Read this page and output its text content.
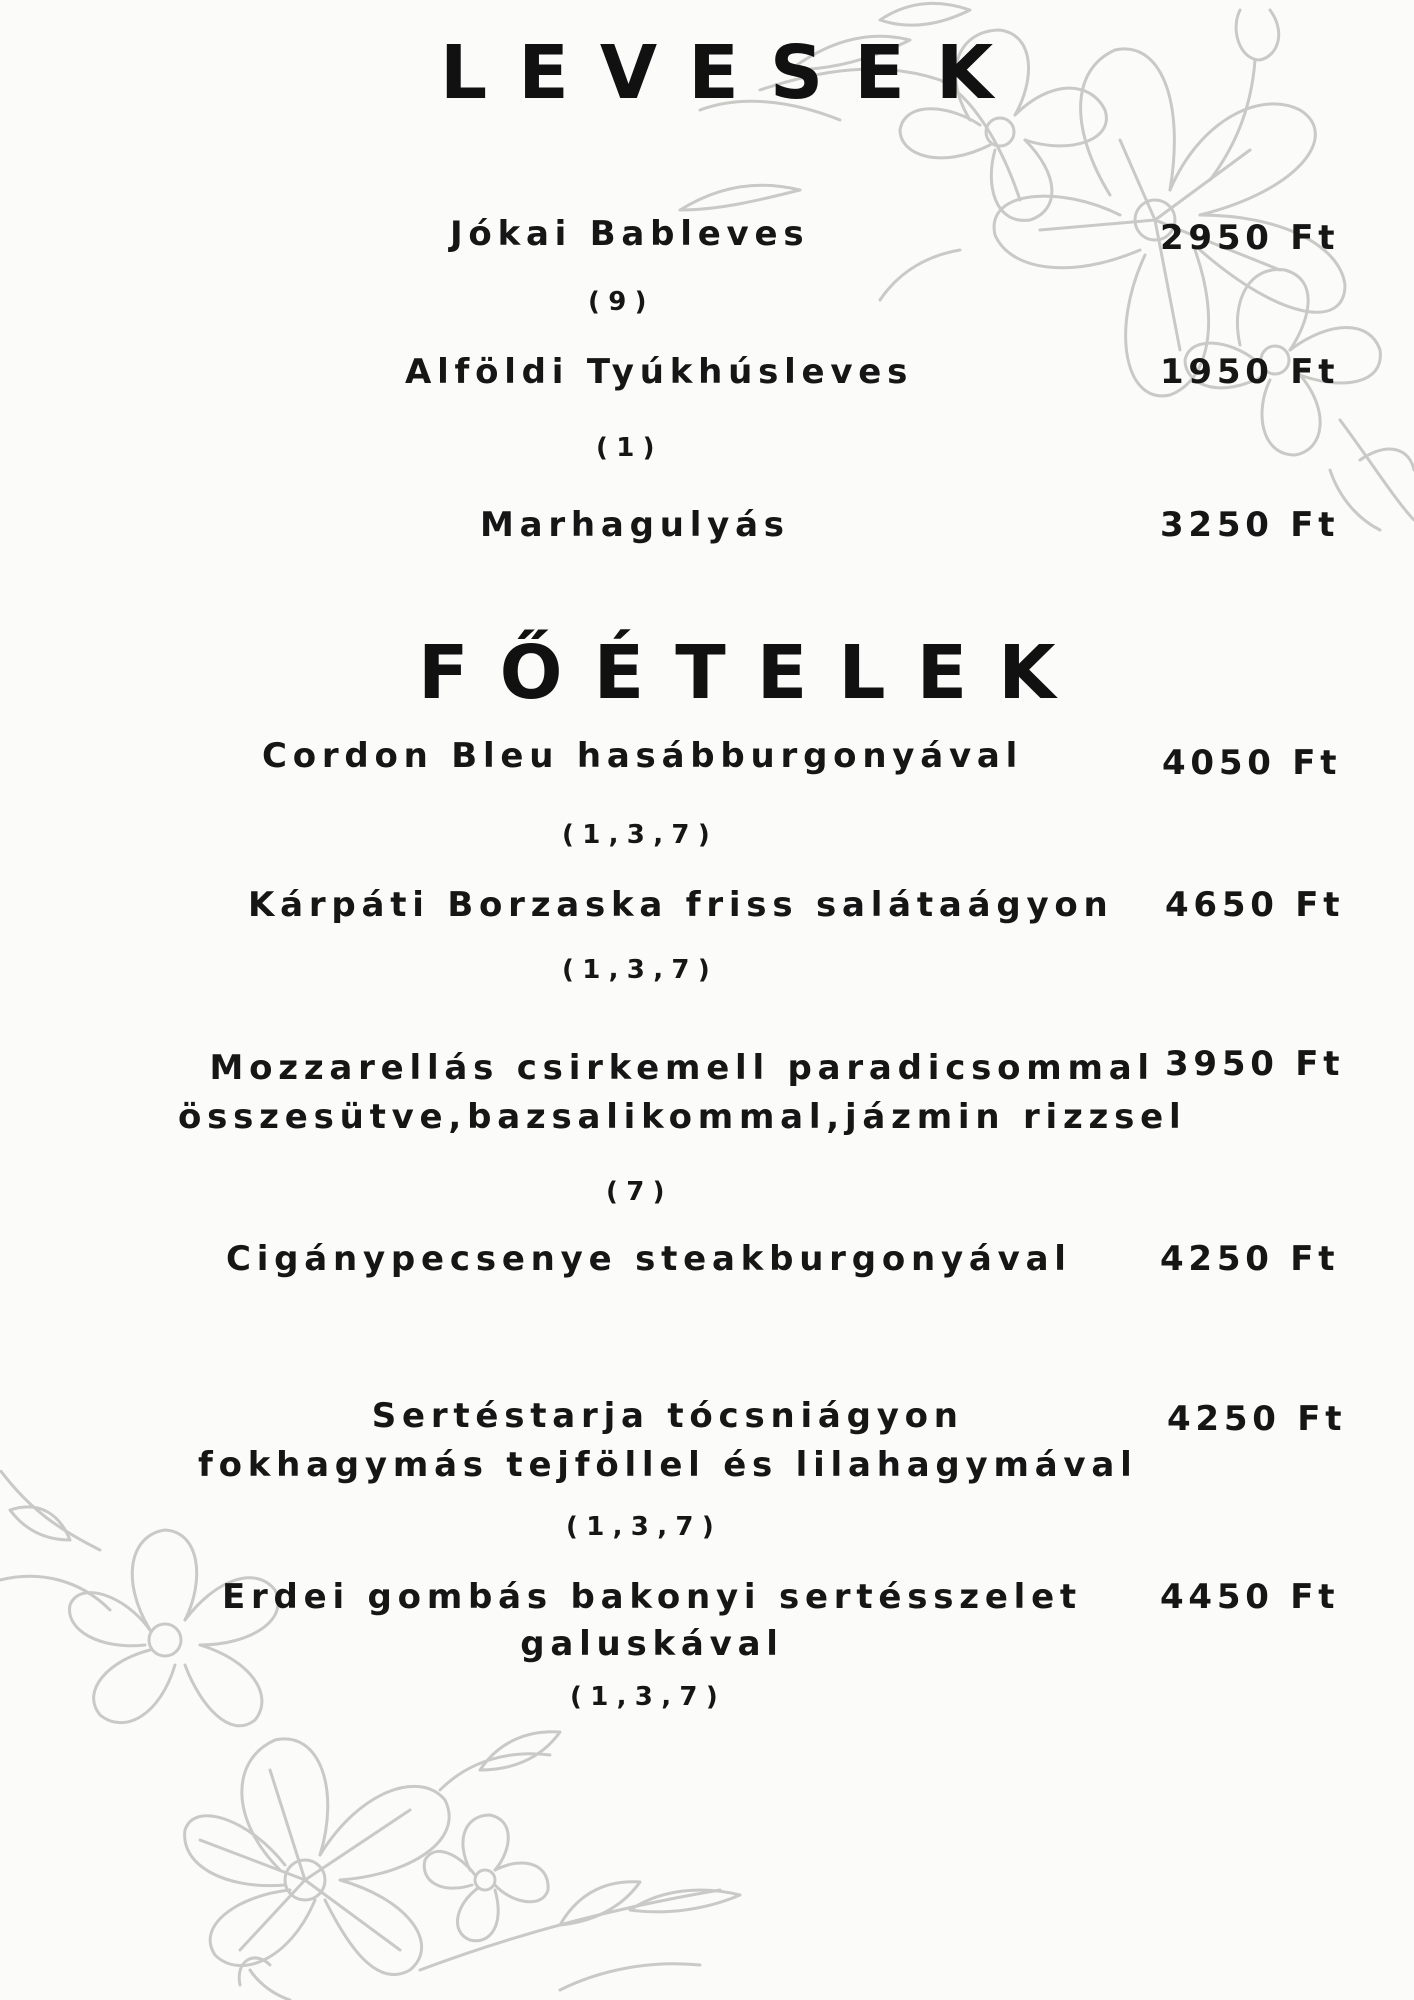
LEVESEK
Jókai Bableves
(9)
2950 Ft
Alföldi Tyúkhúsleves
(1)
1950 Ft
Marhagulyás	3250 Ft
FŐÉTELEK
Cordon Bleu hasábburgonyával
(1,3,7)
4050 Ft
Kárpáti Borzaska friss salátaágyon
(1,3,7)
4650 Ft
Mozzarellás csirkemell paradicsommal
összesütve,bazsalikommal,jázmin rizzsel
(7)
3950 Ft
Cigánypecsenye steakburgonyával	4250 Ft
Sertéstarja tócsniágyon
fokhagymás tejföllel és lilahagymával
(1,3,7)
4250 Ft
Erdei gombás bakonyi sertésszelet
galuskával
(1,3,7)
4450 Ft
